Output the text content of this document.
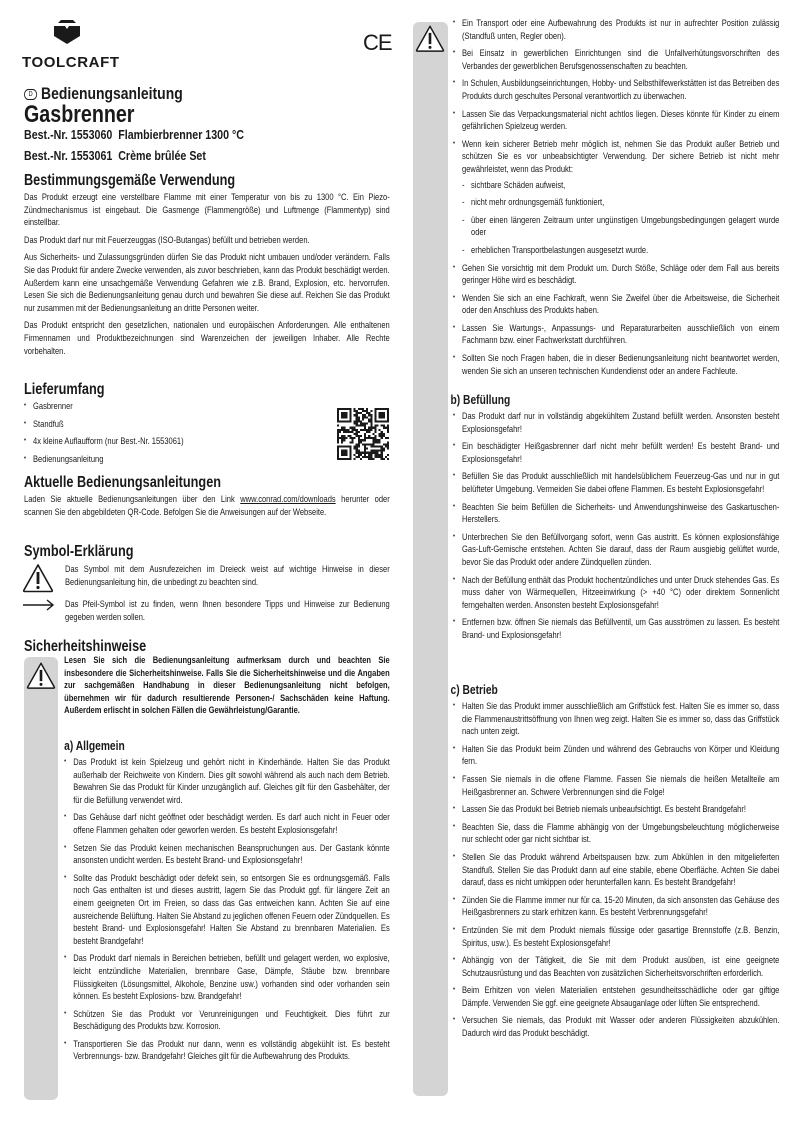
TOOLCRAFT
CE
D Bedienungsanleitung
Gasbrenner
Best.-Nr. 1553060  Flambierbrenner 1300 °C
Best.-Nr. 1553061  Crème brûlée Set
Bestimmungsgemäße Verwendung

Das Produkt erzeugt eine verstellbare Flamme mit einer Temperatur von bis zu 1300 °C. Ein Piezo-Zündmechanismus ist eingebaut. Die Gasmenge (Flammengröße) und Luftmenge (Flammentyp) sind einstellbar.

Das Produkt darf nur mit Feuerzeuggas (ISO-Butangas) befüllt und betrieben werden.

Aus Sicherheits- und Zulassungsgründen dürfen Sie das Produkt nicht umbauen und/oder verändern. Falls Sie das Produkt für andere Zwecke verwenden, als zuvor beschrieben, kann das Produkt beschädigt werden. Außerdem kann eine unsachgemäße Verwendung Gefahren wie z.B. Brand, Explosion, etc. hervorrufen. Lesen Sie sich die Bedienungsanleitung genau durch und bewahren Sie diese auf. Reichen Sie das Produkt nur zusammen mit der Bedienungsanleitung an dritte Personen weiter.

Das Produkt entspricht den gesetzlichen, nationalen und europäischen Anforderungen. Alle enthaltenen Firmennamen und Produktbezeichnungen sind Warenzeichen der jeweiligen Inhaber. Alle Rechte vorbehalten.

Lieferumfang
• Gasbrenner
• Standfuß
• 4x kleine Auflaufform (nur Best.-Nr. 1553061)
• Bedienungsanleitung
Aktuelle Bedienungsanleitungen

Laden Sie aktuelle Bedienungsanleitungen über den Link www.conrad.com/downloads herunter oder scannen Sie den abgebildeten QR-Code. Befolgen Sie die Anweisungen auf der Webseite.

Symbol-Erklärung

Das Symbol mit dem Ausrufezeichen im Dreieck weist auf wichtige Hinweise in dieser Bedienungsanleitung hin, die unbedingt zu beachten sind.

Das Pfeil-Symbol ist zu finden, wenn Ihnen besondere Tipps und Hinweise zur Bedienung gegeben werden sollen.

Sicherheitshinweise

Lesen Sie sich die Bedienungsanleitung aufmerksam durch und beachten Sie insbesondere die Sicherheitshinweise. Falls Sie die Sicherheitshinweise und die Angaben zur sachgemäßen Handhabung in dieser Bedienungsanleitung nicht befolgen, übernehmen wir für dadurch resultierende Personen-/ Sachschäden keine Haftung. Außerdem erlischt in solchen Fällen die Gewährleistung/Garantie.

a) Allgemein
• Das Produkt ist kein Spielzeug und gehört nicht in Kinderhände. Halten Sie das Produkt außerhalb der Reichweite von Kindern. Dies gilt sowohl während als auch nach dem Betrieb. Bewahren Sie das Produkt für Kinder unzugänglich auf. Gleiches gilt für den Gasbehälter, der für die Befüllung verwendet wird.
• Das Gehäuse darf nicht geöffnet oder beschädigt werden. Es darf auch nicht in Feuer oder offene Flammen gehalten oder geworfen werden. Es besteht Explosionsgefahr!
• Setzen Sie das Produkt keinen mechanischen Beanspruchungen aus. Der Gastank könnte ansonsten undicht werden. Es besteht Brand- und Explosionsgefahr!
• Sollte das Produkt beschädigt oder defekt sein, so entsorgen Sie es ordnungsgemäß. Falls noch Gas enthalten ist und dieses austritt, lagern Sie das Produkt ggf. für längere Zeit an einem geeigneten Ort im Freien, so dass das Gas entweichen kann. Achten Sie auf eine ausreichende Belüftung. Halten Sie Abstand zu jeglichen offenen Feuern oder Zündquellen. Es besteht Brand- und Explosionsgefahr! Halten Sie Abstand zu brennbaren Materialien. Es besteht Brandgefahr!
• Das Produkt darf niemals in Bereichen betrieben, befüllt und gelagert werden, wo explosive, leicht entzündliche Materialien, brennbare Gase, Dämpfe, Stäube bzw. brennbare Flüssigkeiten (Lösungsmittel, Alkohole, Benzine usw.) vorhanden sind oder vorhanden sein können. Es besteht Explosions- bzw. Brandgefahr!
• Schützen Sie das Produkt vor Verunreinigungen und Feuchtigkeit. Dies führt zur Beschädigung des Produkts bzw. Korrosion.
• Transportieren Sie das Produkt nur dann, wenn es vollständig abgekühlt ist. Es besteht Verbrennungs- bzw. Brandgefahr! Gleiches gilt für die Aufbewahrung des Produkts.
• Ein Transport oder eine Aufbewahrung des Produkts ist nur in aufrechter Position zulässig (Standfuß unten, Regler oben).
• Bei Einsatz in gewerblichen Einrichtungen sind die Unfallverhütungsvorschriften des Verbandes der gewerblichen Berufsgenossenschaften zu beachten.
• In Schulen, Ausbildungseinrichtungen, Hobby- und Selbsthilfewerkstätten ist das Betreiben des Produkts durch geschultes Personal verantwortlich zu überwachen.
• Lassen Sie das Verpackungsmaterial nicht achtlos liegen. Dieses könnte für Kinder zu einem gefährlichen Spielzeug werden.
• Wenn kein sicherer Betrieb mehr möglich ist, nehmen Sie das Produkt außer Betrieb und schützen Sie es vor unbeabsichtigter Verwendung. Der sichere Betrieb ist nicht mehr gewährleistet, wenn das Produkt:
- sichtbare Schäden aufweist,
- nicht mehr ordnungsgemäß funktioniert,
- über einen längeren Zeitraum unter ungünstigen Umgebungsbedingungen gelagert wurde oder
- erheblichen Transportbelastungen ausgesetzt wurde.
• Gehen Sie vorsichtig mit dem Produkt um. Durch Stöße, Schläge oder dem Fall aus bereits geringer Höhe wird es beschädigt.
• Wenden Sie sich an eine Fachkraft, wenn Sie Zweifel über die Arbeitsweise, die Sicherheit oder den Anschluss des Produkts haben.
• Lassen Sie Wartungs-, Anpassungs- und Reparaturarbeiten ausschließlich von einem Fachmann bzw. einer Fachwerkstatt durchführen.
• Sollten Sie noch Fragen haben, die in dieser Bedienungsanleitung nicht beantwortet werden, wenden Sie sich an unseren technischen Kundendienst oder an andere Fachleute.
b) Befüllung
• Das Produkt darf nur in vollständig abgekühltem Zustand befüllt werden. Ansonsten besteht Explosionsgefahr!
• Ein beschädigter Heißgasbrenner darf nicht mehr befüllt werden! Es besteht Brand- und Explosionsgefahr!
• Befüllen Sie das Produkt ausschließlich mit handelsüblichem Feuerzeug-Gas und nur in gut belüfteter Umgebung. Vermeiden Sie dabei offene Flammen. Es besteht Explosionsgefahr!
• Beachten Sie beim Befüllen die Sicherheits- und Anwendungshinweise des Gaskartuschen-Herstellers.
• Unterbrechen Sie den Befüllvorgang sofort, wenn Gas austritt. Es können explosionsfähige Gas-Luft-Gemische entstehen. Achten Sie darauf, dass der Raum ausgiebig gelüftet wurde, bevor Sie das Produkt oder andere Zündquellen zünden.
• Nach der Befüllung enthält das Produkt hochentzündliches und unter Druck stehendes Gas. Es muss daher von Wärmequellen, Hitzeeinwirkung (> +40 °C) oder direktem Sonnenlicht ferngehalten werden. Ansonsten besteht Explosionsgefahr!
• Entfernen bzw. öffnen Sie niemals das Befüllventil, um Gas ausströmen zu lassen. Es besteht Brand- und Explosionsgefahr!
c) Betrieb
• Halten Sie das Produkt immer ausschließlich am Griffstück fest. Halten Sie es immer so, dass die Flammenaustrittsöffnung von Ihnen weg zeigt. Halten Sie es immer so, dass das Griffstück nach unten zeigt.
• Halten Sie das Produkt beim Zünden und während des Gebrauchs von Körper und Kleidung fern.
• Fassen Sie niemals in die offene Flamme. Fassen Sie niemals die heißen Metallteile am Heißgasbrenner an. Schwere Verbrennungen sind die Folge!
• Lassen Sie das Produkt bei Betrieb niemals unbeaufsichtigt. Es besteht Brandgefahr!
• Beachten Sie, dass die Flamme abhängig von der Umgebungsbeleuchtung möglicherweise nur schlecht oder gar nicht sichtbar ist.
• Stellen Sie das Produkt während Arbeitspausen bzw. zum Abkühlen in den mitgelieferten Standfuß. Stellen Sie das Produkt dann auf eine stabile, ebene Oberfläche. Achten Sie dabei darauf, dass es nicht umkippen oder herunterfallen kann. Es besteht Brandgefahr!
• Zünden Sie die Flamme immer nur für ca. 15-20 Minuten, da sich ansonsten das Gehäuse des Heißgasbrenners zu stark erhitzen kann. Es besteht Verbrennungsgefahr!
• Entzünden Sie mit dem Produkt niemals flüssige oder gasartige Brennstoffe (z.B. Benzin, Spiritus, usw.). Es besteht Explosionsgefahr!
• Abhängig von der Tätigkeit, die Sie mit dem Produkt ausüben, ist eine geeignete Schutzausrüstung und das Beachten von zusätzlichen Sicherheitsvorschriften erforderlich.
• Beim Erhitzen von vielen Materialien entstehen gesundheitsschädliche oder gar giftige Dämpfe. Verwenden Sie ggf. eine geeignete Absauganlage oder lüften Sie entsprechend.
• Versuchen Sie niemals, das Produkt mit Wasser oder anderen Flüssigkeiten abzukühlen. Dadurch wird das Produkt beschädigt.
